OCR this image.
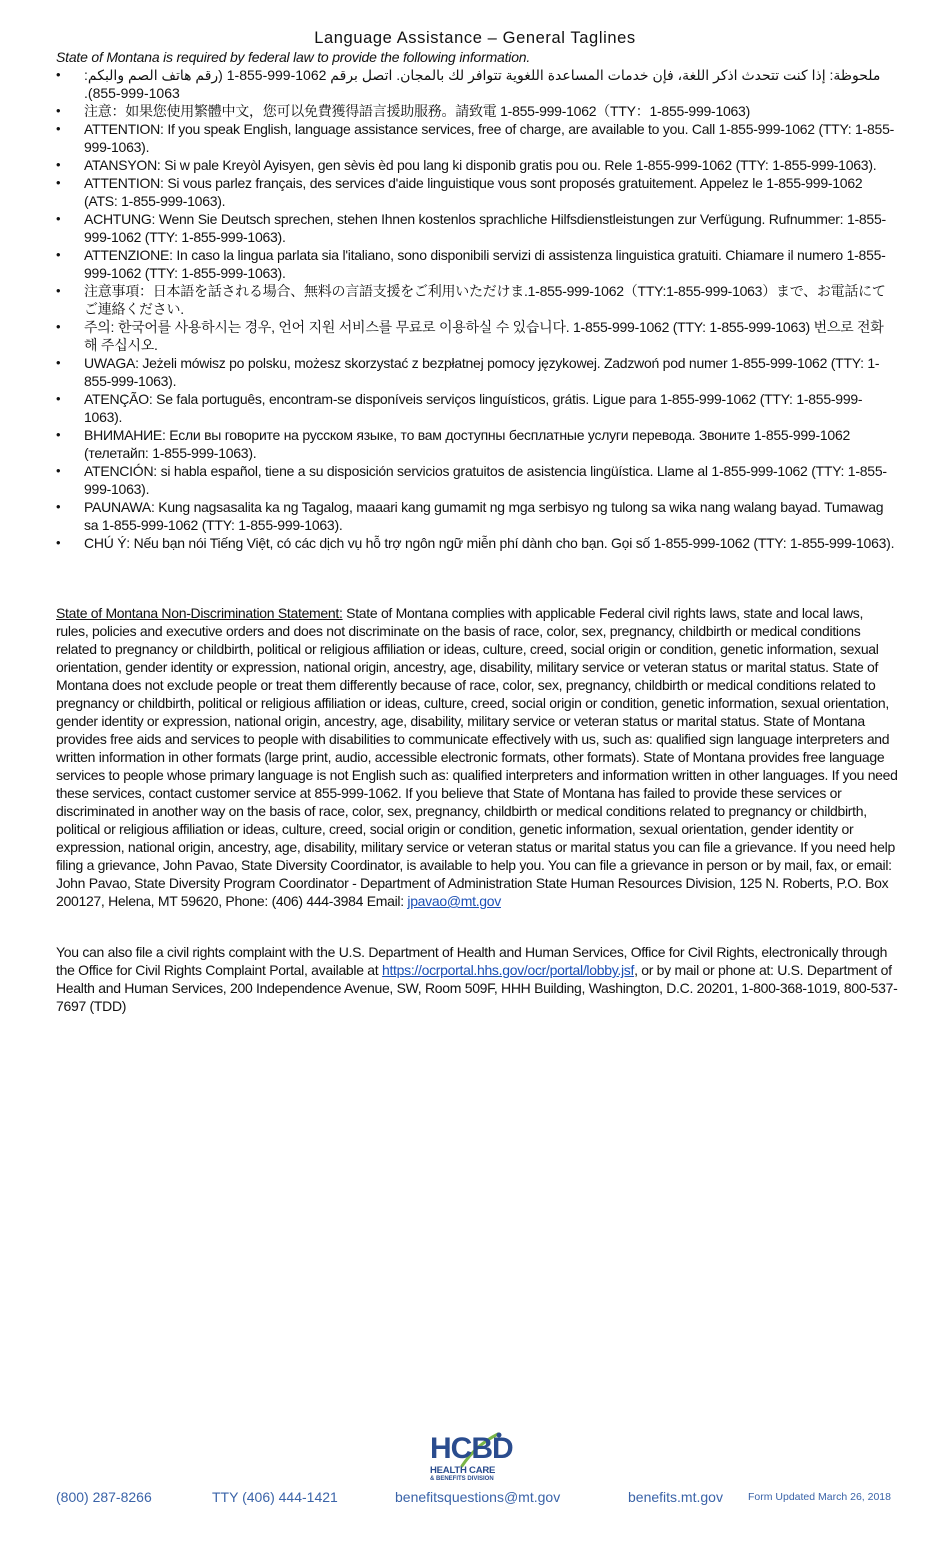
Language Assistance – General Taglines
State of Montana is required by federal law to provide the following information.
•	ملحوظة: إذا كنت تتحدث اذكر اللغة، فإن خدمات المساعدة اللغوية تتوافر لك بالمجان. اتصل برقم 1062-999-855-1 (رقم هاتف الصم والبكم: 1063-999-855).
•	注意：如果您使用繁體中文，您可以免費獲得語言援助服務。請致電 1-855-999-1062（TTY：1-855-999-1063)
•	ATTENTION: If you speak English, language assistance services, free of charge, are available to you. Call 1-855-999-1062 (TTY: 1-855-999-1063).
•	ATANSYON: Si w pale Kreyòl Ayisyen, gen sèvis èd pou lang ki disponib gratis pou ou. Rele 1-855-999-1062 (TTY: 1-855-999-1063).
•	ATTENTION: Si vous parlez français, des services d'aide linguistique vous sont proposés gratuitement. Appelez le 1-855-999-1062 (ATS: 1-855-999-1063).
•	ACHTUNG: Wenn Sie Deutsch sprechen, stehen Ihnen kostenlos sprachliche Hilfsdienstleistungen zur Verfügung. Rufnummer: 1-855-999-1062 (TTY: 1-855-999-1063).
•	ATTENZIONE: In caso la lingua parlata sia l'italiano, sono disponibili servizi di assistenza linguistica gratuiti. Chiamare il numero 1-855-999-1062 (TTY: 1-855-999-1063).
•	注意事項：日本語を話される場合、無料の言語支援をご利用いただけま.1-855-999-1062（TTY:1-855-999-1063）まで、お電話にてご連絡ください.
•	주의: 한국어를 사용하시는 경우, 언어 지원 서비스를 무료로 이용하실 수 있습니다. 1-855-999-1062 (TTY: 1-855-999-1063) 번으로 전화해 주십시오.
•	UWAGA: Jeżeli mówisz po polsku, możesz skorzystać z bezpłatnej pomocy językowej. Zadzwoń pod numer 1-855-999-1062 (TTY: 1-855-999-1063).
•	ATENÇÃO: Se fala português, encontram-se disponíveis serviços linguísticos, grátis. Ligue para 1-855-999-1062 (TTY: 1-855-999-1063).
•	ВНИМАНИЕ: Если вы говорите на русском языке, то вам доступны бесплатные услуги перевода. Звоните 1-855-999-1062 (телетайп: 1-855-999-1063).
•	ATENCIÓN: si habla español, tiene a su disposición servicios gratuitos de asistencia lingüística. Llame al 1-855-999-1062 (TTY: 1-855-999-1063).
•	PAUNAWA: Kung nagsasalita ka ng Tagalog, maaari kang gumamit ng mga serbisyo ng tulong sa wika nang walang bayad. Tumawag sa 1-855-999-1062 (TTY: 1-855-999-1063).
•	CHÚ Ý: Nếu bạn nói Tiếng Việt, có các dịch vụ hỗ trợ ngôn ngữ miễn phí dành cho bạn. Gọi số 1-855-999-1062 (TTY: 1-855-999-1063).

State of Montana Non-Discrimination Statement: State of Montana complies with applicable Federal civil rights laws, state and local laws, rules, policies and executive orders and does not discriminate on the basis of race, color, sex, pregnancy, childbirth or medical conditions related to pregnancy or childbirth, political or religious affiliation or ideas, culture, creed, social origin or condition, genetic information, sexual orientation, gender identity or expression, national origin, ancestry, age, disability, military service or veteran status or marital status. State of Montana does not exclude people or treat them differently because of race, color, sex, pregnancy, childbirth or medical conditions related to pregnancy or childbirth, political or religious affiliation or ideas, culture, creed, social origin or condition, genetic information, sexual orientation, gender identity or expression, national origin, ancestry, age, disability, military service or veteran status or marital status. State of Montana provides free aids and services to people with disabilities to communicate effectively with us, such as: qualified sign language interpreters and written information in other formats (large print, audio, accessible electronic formats, other formats). State of Montana provides free language services to people whose primary language is not English such as: qualified interpreters and information written in other languages. If you need these services, contact customer service at 855-999-1062. If you believe that State of Montana has failed to provide these services or discriminated in another way on the basis of race, color, sex, pregnancy, childbirth or medical conditions related to pregnancy or childbirth, political or religious affiliation or ideas, culture, creed, social origin or condition, genetic information, sexual orientation, gender identity or expression, national origin, ancestry, age, disability, military service or veteran status or marital status you can file a grievance. If you need help filing a grievance, John Pavao, State Diversity Coordinator, is available to help you. You can file a grievance in person or by mail, fax, or email: John Pavao, State Diversity Program Coordinator - Department of Administration State Human Resources Division, 125 N. Roberts, P.O. Box 200127, Helena, MT 59620, Phone: (406) 444-3984 Email: jpavao@mt.gov

You can also file a civil rights complaint with the U.S. Department of Health and Human Services, Office for Civil Rights, electronically through the Office for Civil Rights Complaint Portal, available at https://ocrportal.hhs.gov/ocr/portal/lobby.jsf, or by mail or phone at: U.S. Department of Health and Human Services, 200 Independence Avenue, SW, Room 509F, HHH Building, Washington, D.C. 20201, 1-800-368-1019, 800-537-7697 (TDD)

HCBD
HEALTH CARE
& BENEFITS DIVISION
(800) 287-8266	TTY (406) 444-1421	benefitsquestions@mt.gov	benefits.mt.gov Form Updated March 26, 2018
